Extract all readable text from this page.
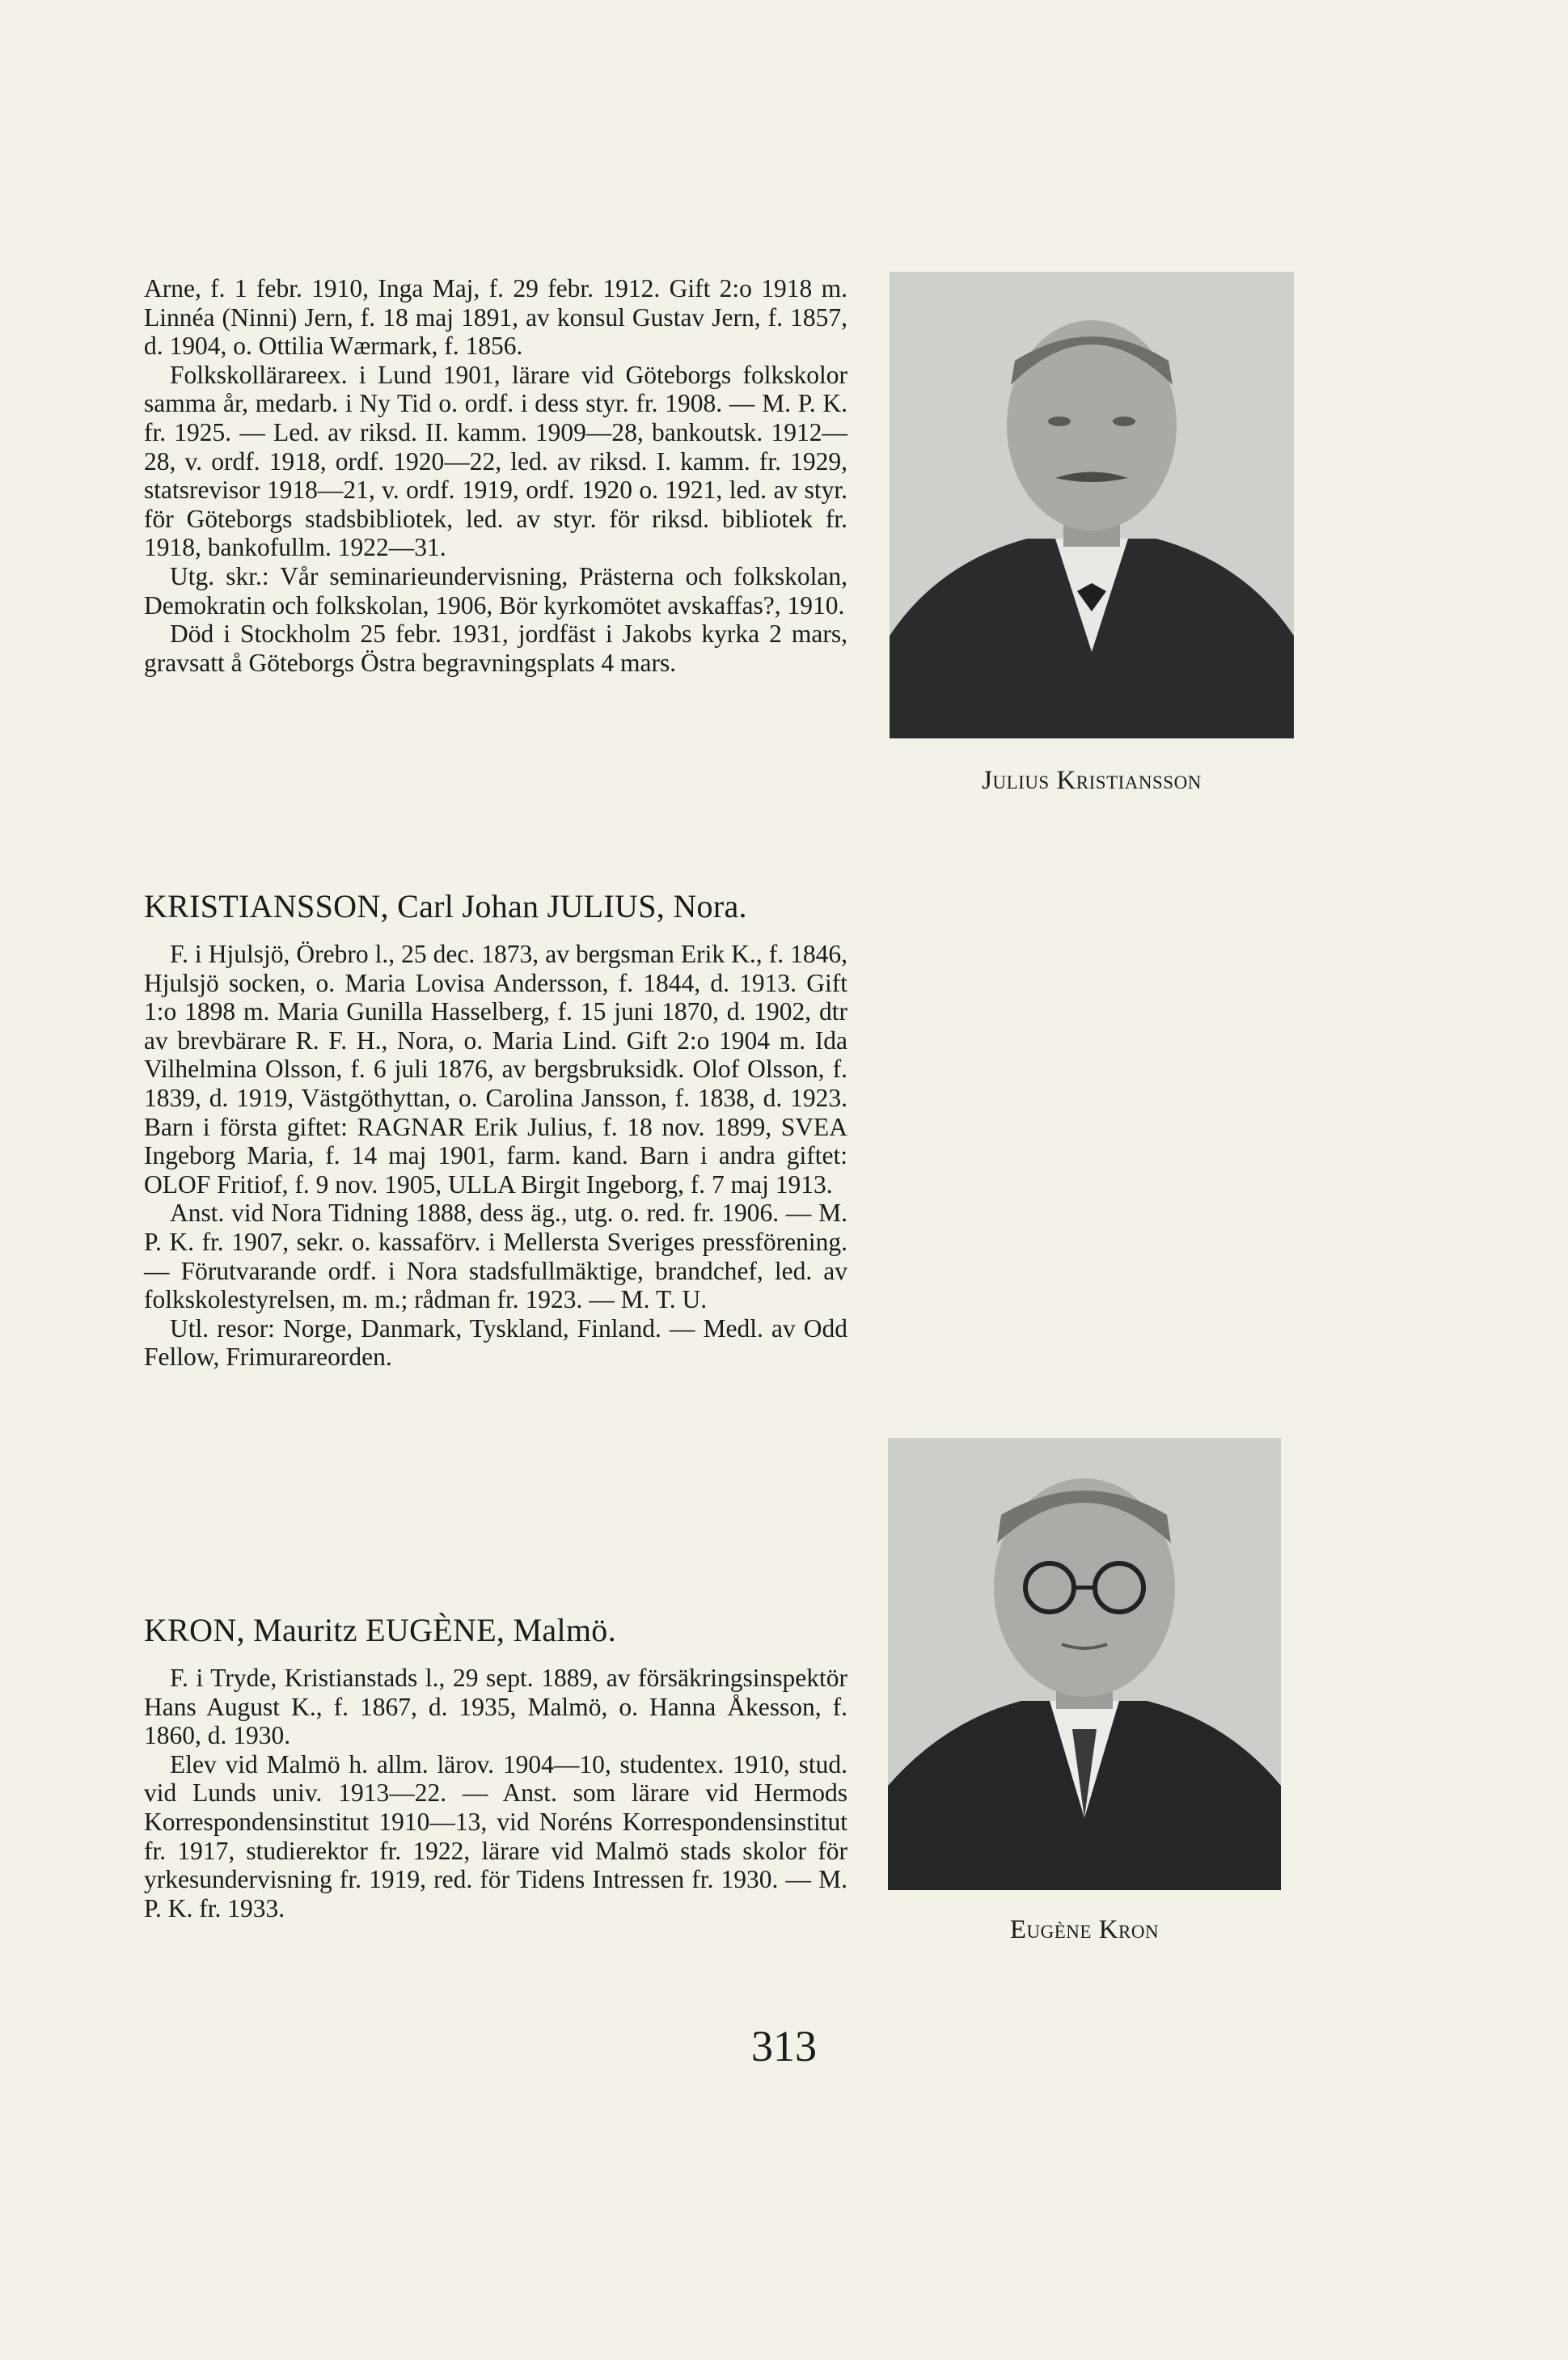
Arne, f. 1 febr. 1910, Inga Maj, f. 29 febr. 1912. Gift 2:o 1918 m. Linnéa (Ninni) Jern, f. 18 maj 1891, av konsul Gustav Jern, f. 1857, d. 1904, o. Ottilia Wærmark, f. 1856.

Folkskollärareex. i Lund 1901, lärare vid Göteborgs folkskolor samma år, medarb. i Ny Tid o. ordf. i dess styr. fr. 1908. — M. P. K. fr. 1925. — Led. av riksd. II. kamm. 1909—28, bankoutsk. 1912—28, v. ordf. 1918, ordf. 1920—22, led. av riksd. I. kamm. fr. 1929, statsrevisor 1918—21, v. ordf. 1919, ordf. 1920 o. 1921, led. av styr. för Göteborgs stadsbibliotek, led. av styr. för riksd. bibliotek fr. 1918, bankofullm. 1922—31.

Utg. skr.: Vår seminarieundervisning, Prästerna och folkskolan, Demokratin och folkskolan, 1906, Bör kyrkomötet avskaffas?, 1910.

Död i Stockholm 25 febr. 1931, jordfäst i Jakobs kyrka 2 mars, gravsatt å Göteborgs Östra begravningsplats 4 mars.

Julius Kristiansson

KRISTIANSSON, Carl Johan JULIUS, Nora.

F. i Hjulsjö, Örebro l., 25 dec. 1873, av bergsman Erik K., f. 1846, Hjulsjö socken, o. Maria Lovisa Andersson, f. 1844, d. 1913. Gift 1:o 1898 m. Maria Gunilla Hasselberg, f. 15 juni 1870, d. 1902, dtr av brevbärare R. F. H., Nora, o. Maria Lind. Gift 2:o 1904 m. Ida Vilhelmina Olsson, f. 6 juli 1876, av bergsbruksidk. Olof Olsson, f. 1839, d. 1919, Västgöthyttan, o. Carolina Jansson, f. 1838, d. 1923. Barn i första giftet: RAGNAR Erik Julius, f. 18 nov. 1899, SVEA Ingeborg Maria, f. 14 maj 1901, farm. kand. Barn i andra giftet: OLOF Fritiof, f. 9 nov. 1905, ULLA Birgit Ingeborg, f. 7 maj 1913.

Anst. vid Nora Tidning 1888, dess äg., utg. o. red. fr. 1906. — M. P. K. fr. 1907, sekr. o. kassaförv. i Mellersta Sveriges pressförening. — Förutvarande ordf. i Nora stadsfullmäktige, brandchef, led. av folkskolestyrelsen, m. m.; rådman fr. 1923. — M. T. U.

Utl. resor: Norge, Danmark, Tyskland, Finland. — Medl. av Odd Fellow, Frimurareorden.

Eugène Kron

KRON, Mauritz EUGÈNE, Malmö.

F. i Tryde, Kristianstads l., 29 sept. 1889, av försäkringsinspektör Hans August K., f. 1867, d. 1935, Malmö, o. Hanna Åkesson, f. 1860, d. 1930.

Elev vid Malmö h. allm. lärov. 1904—10, studentex. 1910, stud. vid Lunds univ. 1913—22. — Anst. som lärare vid Hermods Korrespondensinstitut 1910—13, vid Noréns Korrespondensinstitut fr. 1917, studierektor fr. 1922, lärare vid Malmö stads skolor för yrkesundervisning fr. 1919, red. för Tidens Intressen fr. 1930. — M. P. K. fr. 1933.

313
